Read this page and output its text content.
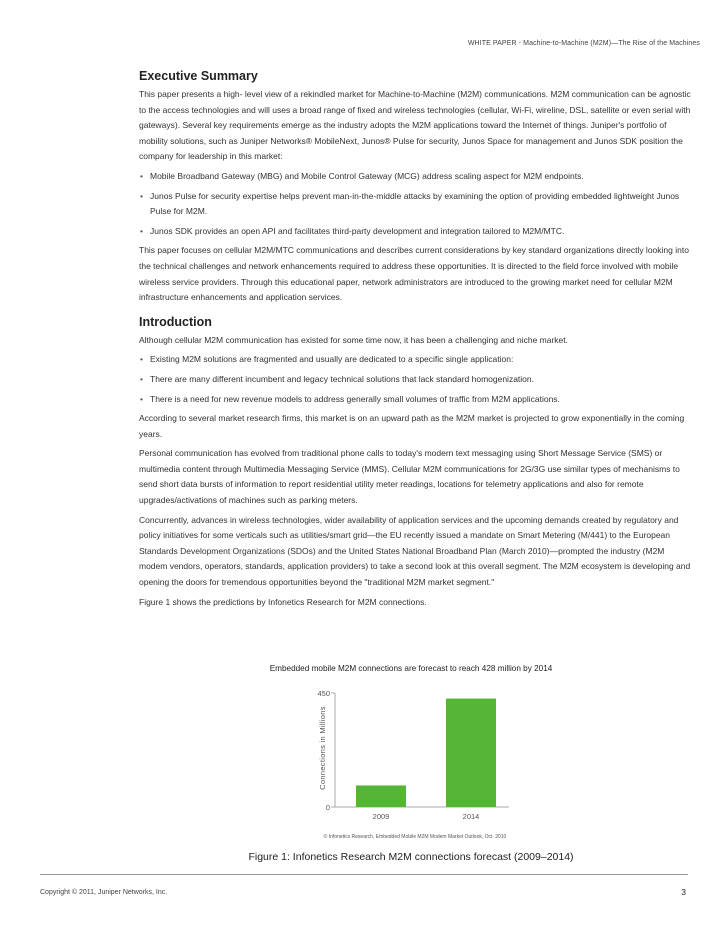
WHITE PAPER - Machine-to-Machine (M2M)—The Rise of the Machines
Executive Summary

This paper presents a high- level view of a rekindled market for Machine-to-Machine (M2M) communications. M2M communication can be agnostic to the access technologies and will uses a broad range of fixed and wireless technologies (cellular, Wi-Fi, wireline, DSL, satellite or even serial with gateways). Several key requirements emerge as the industry adopts the M2M applications toward the Internet of things. Juniper's portfolio of mobility solutions, such as Juniper Networks® MobileNext, Junos® Pulse for security, Junos Space for management and Junos SDK position the company for leadership in this market:

• Mobile Broadband Gateway (MBG) and Mobile Control Gateway (MCG) address scaling aspect for M2M endpoints.
• Junos Pulse for security expertise helps prevent man-in-the-middle attacks by examining the option of providing embedded lightweight Junos Pulse for M2M.
• Junos SDK provides an open API and facilitates third-party development and integration tailored to M2M/MTC.

This paper focuses on cellular M2M/MTC communications and describes current considerations by key standard organizations directly looking into the technical challenges and network enhancements required to address these opportunities. It is directed to the field force involved with mobile wireless service providers. Through this educational paper, network administrators are introduced to the growing market need for cellular M2M infrastructure enhancements and application services.

Introduction

Although cellular M2M communication has existed for some time now, it has been a challenging and niche market.

• Existing M2M solutions are fragmented and usually are dedicated to a specific single application:
• There are many different incumbent and legacy technical solutions that lack standard homogenization.
• There is a need for new revenue models to address generally small volumes of traffic from M2M applications.

According to several market research firms, this market is on an upward path as the M2M market is projected to grow exponentially in the coming years.

Personal communication has evolved from traditional phone calls to today's modern text messaging using Short Message Service (SMS) or multimedia content through Multimedia Messaging Service (MMS). Cellular M2M communications for 2G/3G use similar types of mechanisms to send short data bursts of information to report residential utility meter readings, locations for telemetry applications and also for remote upgrades/activations of machines such as parking meters.

Concurrently, advances in wireless technologies, wider availability of application services and the upcoming demands created by regulatory and policy initiatives for some verticals such as utilities/smart grid—the EU recently issued a mandate on Smart Metering (M/441) to the European Standards Development Organizations (SDOs) and the United States National Broadband Plan (March 2010)—prompted the industry (M2M modem vendors, operators, standards, application providers) to take a second look at this overall segment. The M2M ecosystem is developing and opening the doors for tremendous opportunities beyond the "traditional M2M market segment."

Figure 1 shows the predictions by Infonetics Research for M2M connections.

Embedded mobile M2M connections are forecast to reach 428 million by 2014
0
450
Connections in Millions
2009	2014
© Infonetics Research, Embedded Mobile M2M Modem Market Outlook, Oct. 2010
Figure 1: Infonetics Research M2M connections forecast (2009–2014)
Copyright © 2011, Juniper Networks, Inc.	3
